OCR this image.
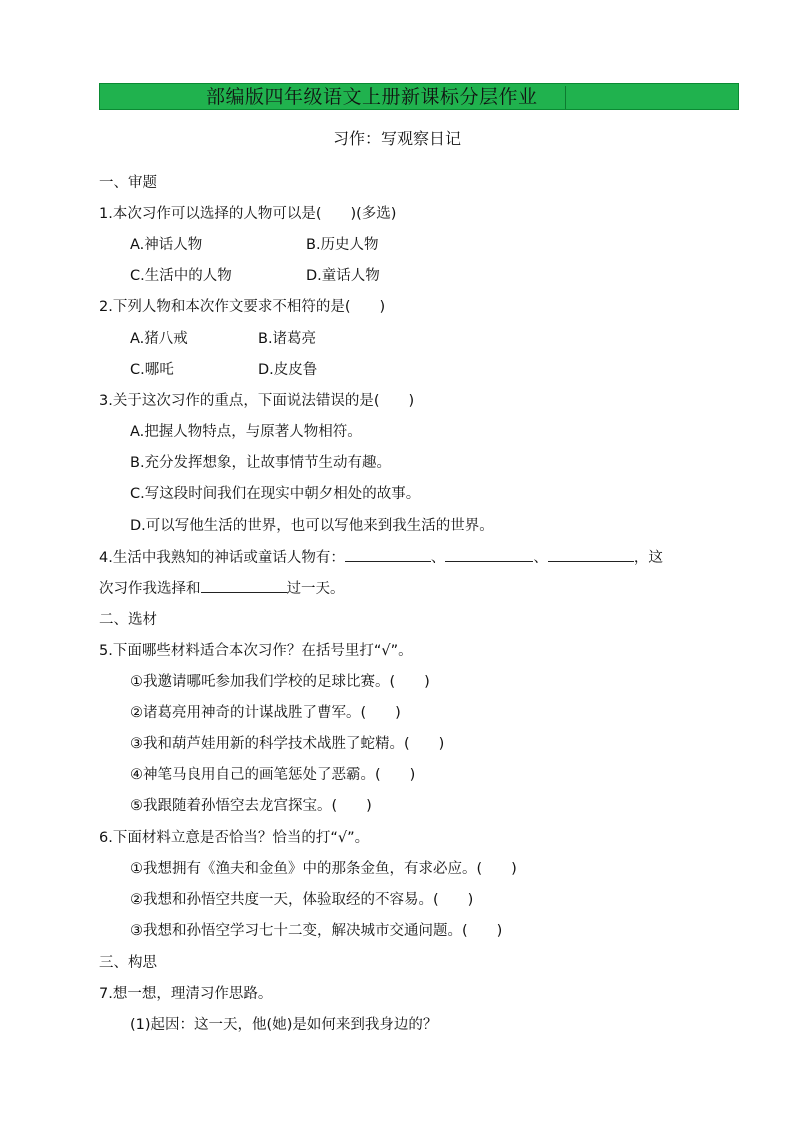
部编版四年级语文上册新课标分层作业
习作：写观察日记
一、审题
1.本次习作可以选择的人物可以是(　　)(多选)
A.神话人物	B.历史人物
C.生活中的人物	D.童话人物
2.下列人物和本次作文要求不相符的是(　　)
A.猪八戒	B.诸葛亮
C.哪吒	D.皮皮鲁
3.关于这次习作的重点，下面说法错误的是(　　)
A.把握人物特点，与原著人物相符。
B.充分发挥想象，让故事情节生动有趣。
C.写这段时间我们在现实中朝夕相处的故事。
D.可以写他生活的世界，也可以写他来到我生活的世界。
4.生活中我熟知的神话或童话人物有：	、	、	，这
次习作我选择和	过一天。
二、选材
5.下面哪些材料适合本次习作？在括号里打“√”。
①我邀请哪吒参加我们学校的足球比赛。(　　)
②诸葛亮用神奇的计谋战胜了曹军。(　　)
③我和葫芦娃用新的科学技术战胜了蛇精。(　　)
④神笔马良用自己的画笔惩处了恶霸。(　　)
⑤我跟随着孙悟空去龙宫探宝。(　　)
6.下面材料立意是否恰当？恰当的打“√”。
①我想拥有《渔夫和金鱼》中的那条金鱼，有求必应。(　　)
②我想和孙悟空共度一天，体验取经的不容易。(　　)
③我想和孙悟空学习七十二变，解决城市交通问题。(　　)
三、构思
7.想一想，理清习作思路。
(1)起因：这一天，他(她)是如何来到我身边的？
